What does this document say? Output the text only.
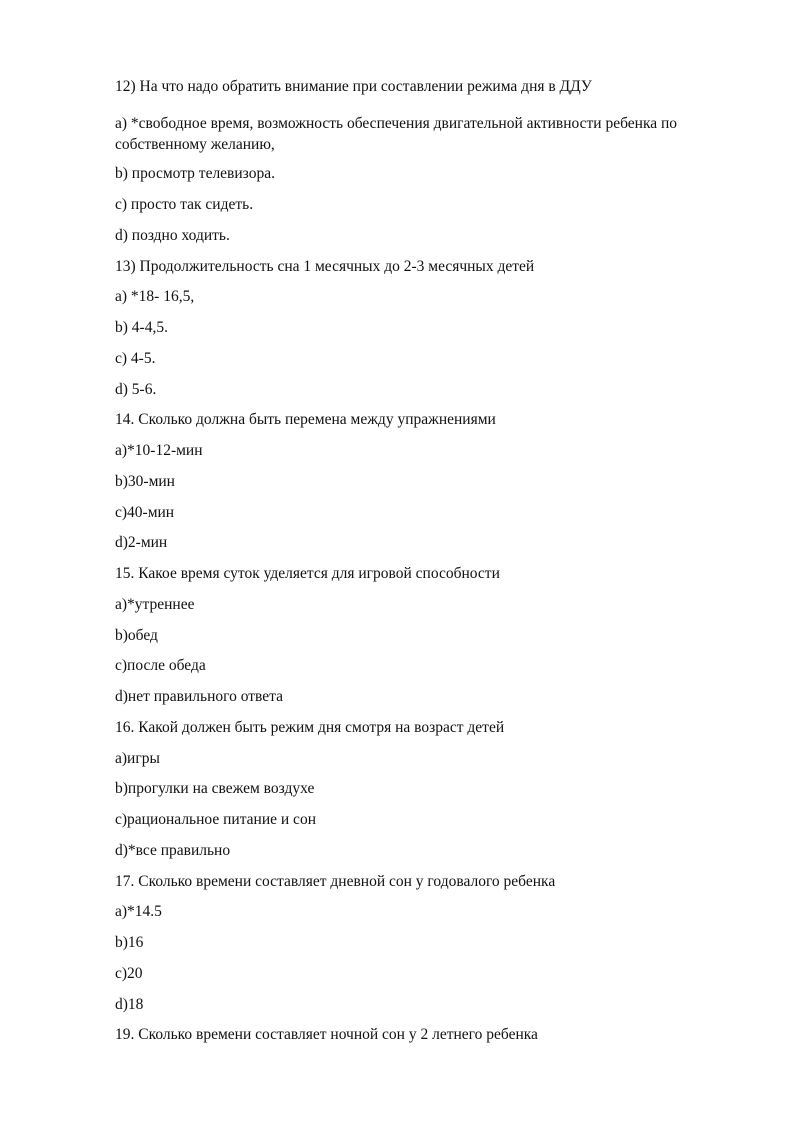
12) На что надо обратить внимание при составлении режима дня в ДДУ
a) *свободное время, возможность обеспечения двигательной активности ребенка по собственному желанию,
b) просмотр телевизора.
c) просто так сидеть.
d) поздно ходить.
13) Продолжительность сна 1 месячных до 2-3 месячных детей
a) *18- 16,5,
b) 4-4,5.
c) 4-5.
d) 5-6.
14. Сколько должна быть перемена между упражнениями
a)*10-12-мин
b)30-мин
c)40-мин
d)2-мин
15. Какое время суток уделяется для игровой способности
a)*утреннее
b)обед
c)после обеда
d)нет правильного ответа
16. Какой должен быть режим дня смотря на возраст детей
a)игры
b)прогулки на свежем воздухе
c)рациональное питание и сон
d)*все правильно
17. Сколько времени составляет дневной сон у годовалого ребенка
a)*14.5
b)16
c)20
d)18
19. Сколько времени составляет ночной сон у 2 летнего ребенка
